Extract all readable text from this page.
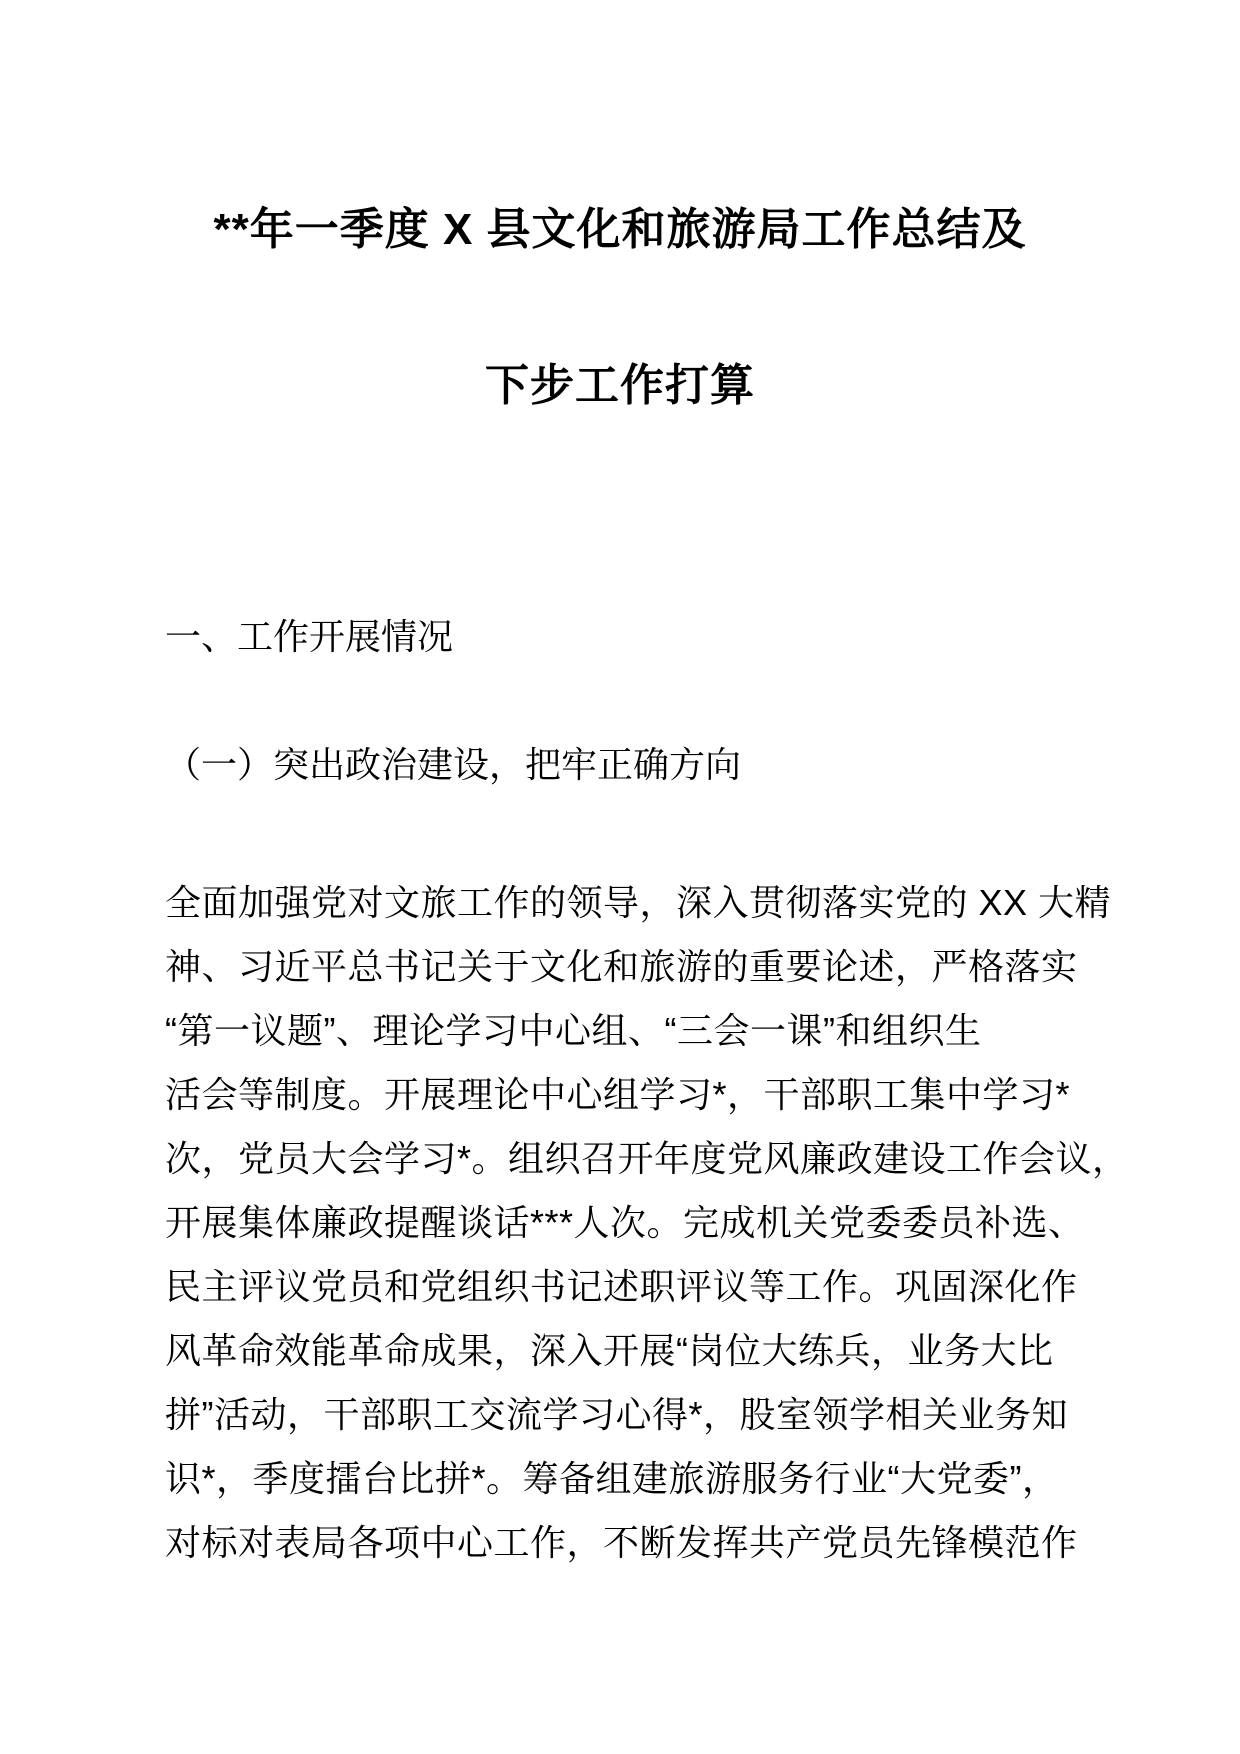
**年一季度 X 县文化和旅游局工作总结及
下步工作打算
一、工作开展情况
（一）突出政治建设，把牢正确方向
全面加强党对文旅工作的领导，深入贯彻落实党的 XX 大精
神、习近平总书记关于文化和旅游的重要论述，严格落实
“第一议题”、理论学习中心组、“三会一课”和组织生
活会等制度。开展理论中心组学习*，干部职工集中学习*
次，党员大会学习*。组织召开年度党风廉政建设工作会议，
开展集体廉政提醒谈话***人次。完成机关党委委员补选、
民主评议党员和党组织书记述职评议等工作。巩固深化作
风革命效能革命成果，深入开展“岗位大练兵，业务大比
拼”活动，干部职工交流学习心得*，股室领学相关业务知
识*，季度擂台比拼*。筹备组建旅游服务行业“大党委”，
对标对表局各项中心工作，不断发挥共产党员先锋模范作
